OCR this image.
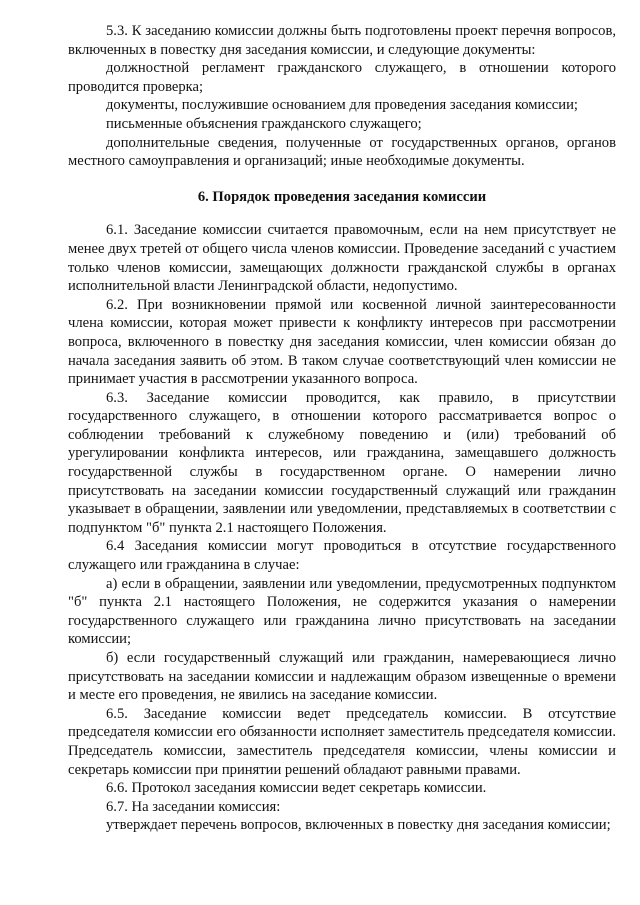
5.3. К заседанию комиссии должны быть подготовлены проект перечня вопросов, включенных в повестку дня заседания комиссии, и следующие документы:

должностной регламент гражданского служащего, в отношении которого проводится проверка;

документы, послужившие основанием для проведения заседания комиссии;

письменные объяснения гражданского служащего;

дополнительные сведения, полученные от государственных органов, органов местного самоуправления и организаций; иные необходимые документы.

6. Порядок проведения заседания комиссии

6.1. Заседание комиссии считается правомочным, если на нем присутствует не менее двух третей от общего числа членов комиссии. Проведение заседаний с участием только членов комиссии, замещающих должности гражданской службы в органах исполнительной власти Ленинградской области, недопустимо.

6.2. При возникновении прямой или косвенной личной заинтересованности члена комиссии, которая может привести к конфликту интересов при рассмотрении вопроса, включенного в повестку дня заседания комиссии, член комиссии обязан до начала заседания заявить об этом. В таком случае соответствующий член комиссии не принимает участия в рассмотрении указанного вопроса.

6.3. Заседание комиссии проводится, как правило, в присутствии государственного служащего, в отношении которого рассматривается вопрос о соблюдении требований к служебному поведению и (или) требований об урегулировании конфликта интересов, или гражданина, замещавшего должность государственной службы в государственном органе. О намерении лично присутствовать на заседании комиссии государственный служащий или гражданин указывает в обращении, заявлении или уведомлении, представляемых в соответствии с подпунктом "б" пункта 2.1 настоящего Положения.

6.4 Заседания комиссии могут проводиться в отсутствие государственного служащего или гражданина в случае:

а) если в обращении, заявлении или уведомлении, предусмотренных подпунктом "б" пункта 2.1 настоящего Положения, не содержится указания о намерении государственного служащего или гражданина лично присутствовать на заседании комиссии;

б) если государственный служащий или гражданин, намеревающиеся лично присутствовать на заседании комиссии и надлежащим образом извещенные о времени и месте его проведения, не явились на заседание комиссии.

6.5. Заседание комиссии ведет председатель комиссии. В отсутствие председателя комиссии его обязанности исполняет заместитель председателя комиссии. Председатель комиссии, заместитель председателя комиссии, члены комиссии и секретарь комиссии при принятии решений обладают равными правами.

6.6. Протокол заседания комиссии ведет секретарь комиссии.

6.7. На заседании комиссия:

утверждает перечень вопросов, включенных в повестку дня заседания комиссии;
